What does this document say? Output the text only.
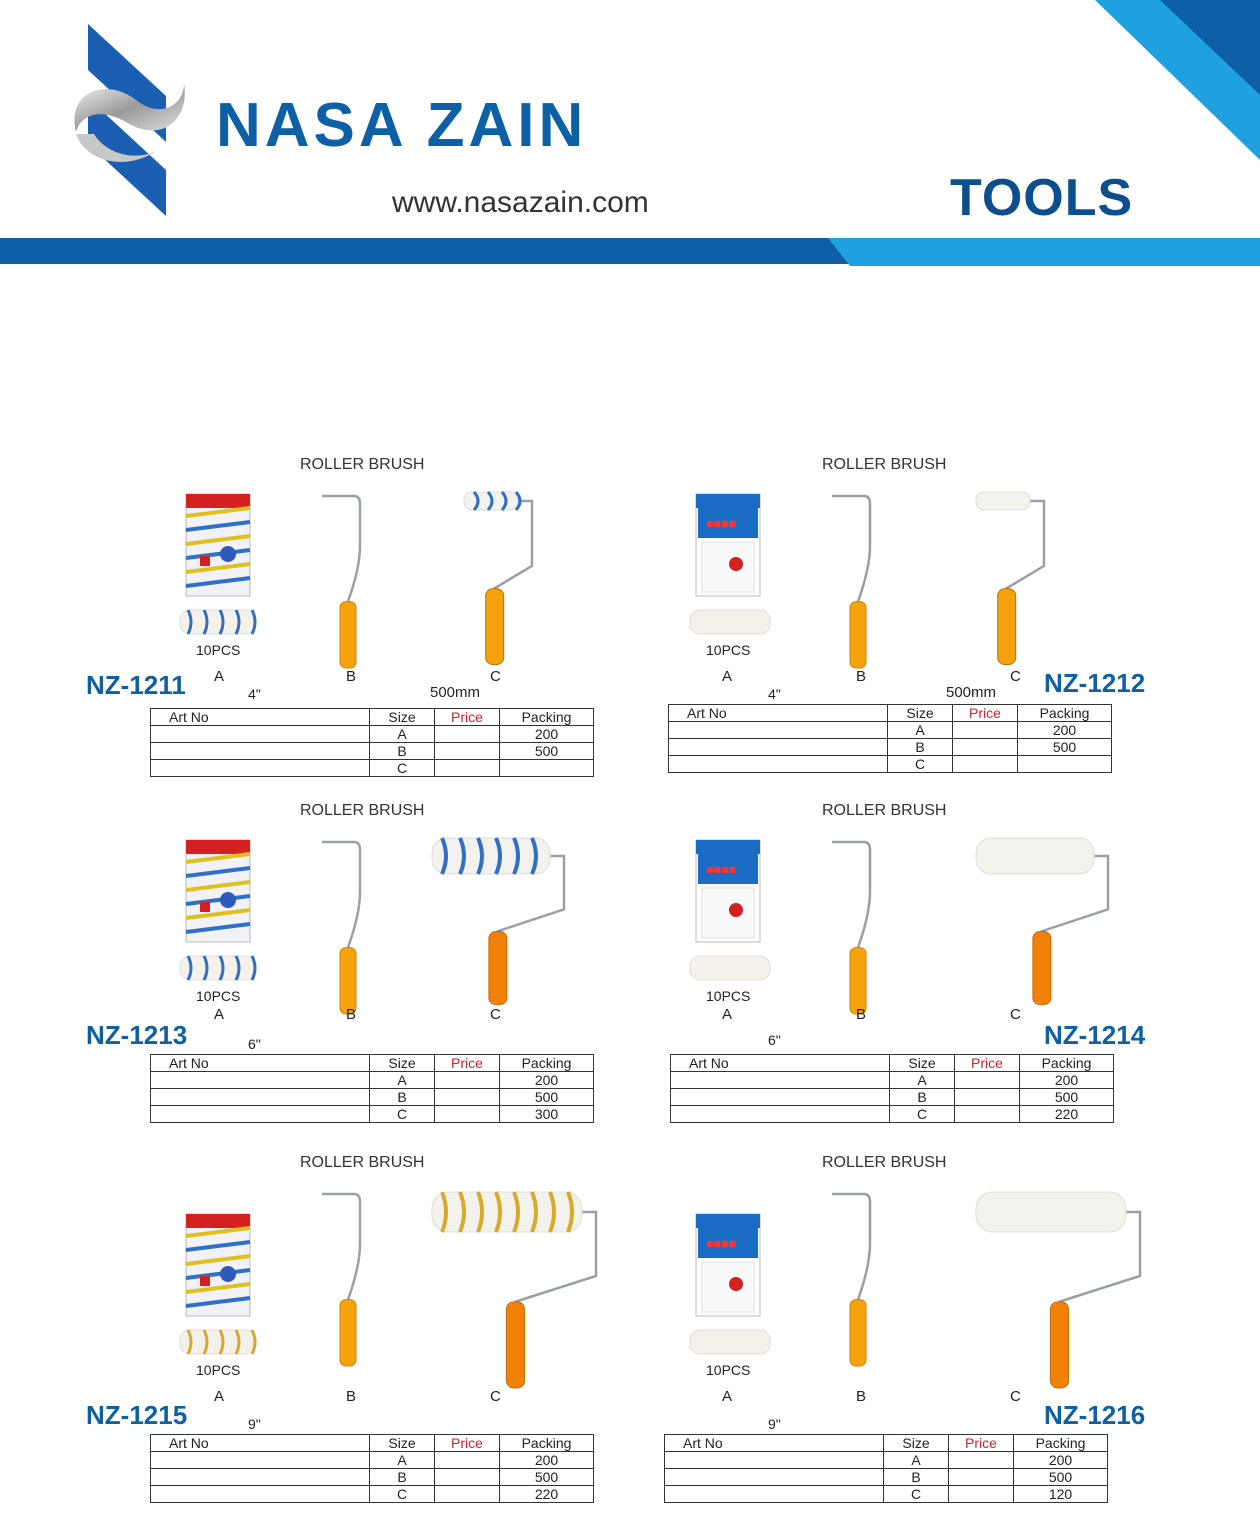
NASA ZAIN
www.nasazain.com	TOOLS
ROLLER BRUSH
10PCS
A	B	C
NZ-1211	4"	500mm
Art No	Size	Price	Packing
	A		200
	B		500
	C		
ROLLER BRUSH
■■■■
10PCS
A	B	C NZ-1212
4"	500mm
Art No	Size	Price	Packing
	A		200
	B		500
	C		
ROLLER BRUSH
10PCS
A	B	C
NZ-1213	6"
Art No	Size	Price	Packing
	A		200
	B		500
	C		300
ROLLER BRUSH
■■■■
10PCS
A	B	C
NZ-1214
6"
Art No	Size	Price	Packing
	A		200
	B		500
	C		220
ROLLER BRUSH
10PCS
A	B	C
NZ-1215	9"
Art No	Size	Price	Packing
	A		200
	B		500
	C		220
ROLLER BRUSH
■■■■
10PCS
A	B	C
NZ-1216
9"
Art No	Size	Price	Packing
	A		200
	B		500
	C		120
